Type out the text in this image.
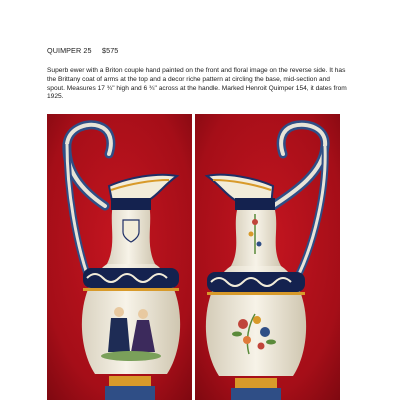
QUIMPER 25     $575
Superb ewer with a Briton couple hand painted on the front and floral image on the reverse side. It has the Brittany coat of arms at the top and a decor riche pattern at circling the base, mid-section and spout. Measures 17 ¾" high and 6 ¾" across at the handle. Marked Henroit Quimper 154, it dates from 1925.
